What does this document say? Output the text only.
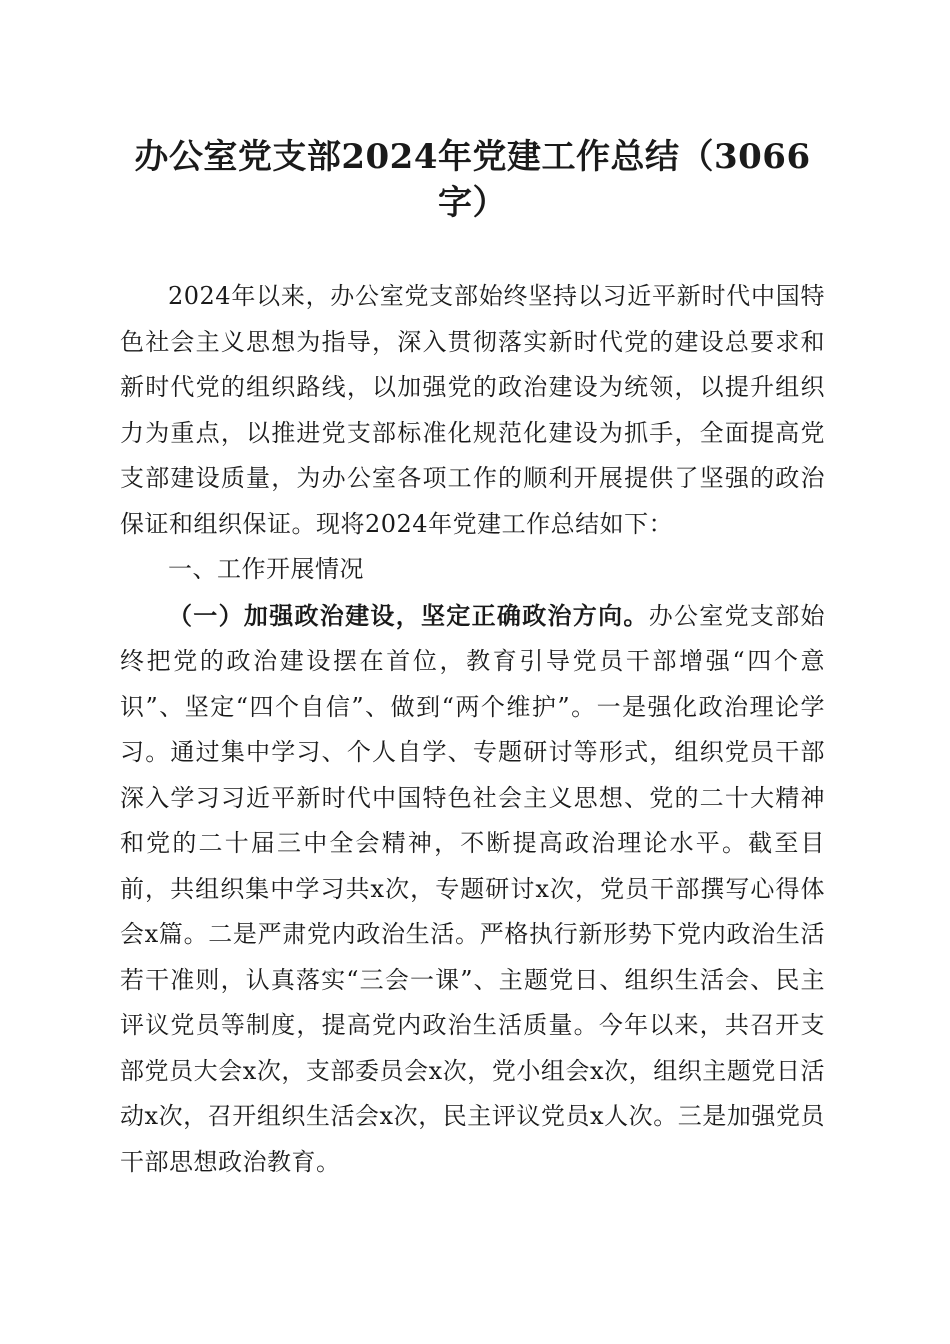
办公室党支部2024年党建工作总结（3066字）

2024年以来，办公室党支部始终坚持以习近平新时代中国特色社会主义思想为指导，深入贯彻落实新时代党的建设总要求和新时代党的组织路线，以加强党的政治建设为统领，以提升组织力为重点，以推进党支部标准化规范化建设为抓手，全面提高党支部建设质量，为办公室各项工作的顺利开展提供了坚强的政治保证和组织保证。现将2024年党建工作总结如下：

一、工作开展情况

（一）加强政治建设，坚定正确政治方向。办公室党支部始终把党的政治建设摆在首位，教育引导党员干部增强“四个意识”、坚定“四个自信”、做到“两个维护”。一是强化政治理论学习。通过集中学习、个人自学、专题研讨等形式，组织党员干部深入学习习近平新时代中国特色社会主义思想、党的二十大精神和党的二十届三中全会精神，不断提高政治理论水平。截至目前，共组织集中学习共x次，专题研讨x次，党员干部撰写心得体会x篇。二是严肃党内政治生活。严格执行新形势下党内政治生活若干准则，认真落实“三会一课”、主题党日、组织生活会、民主评议党员等制度，提高党内政治生活质量。今年以来，共召开支部党员大会x次，支部委员会x次，党小组会x次，组织主题党日活动x次，召开组织生活会x次，民主评议党员x人次。三是加强党员干部思想政治教育。
